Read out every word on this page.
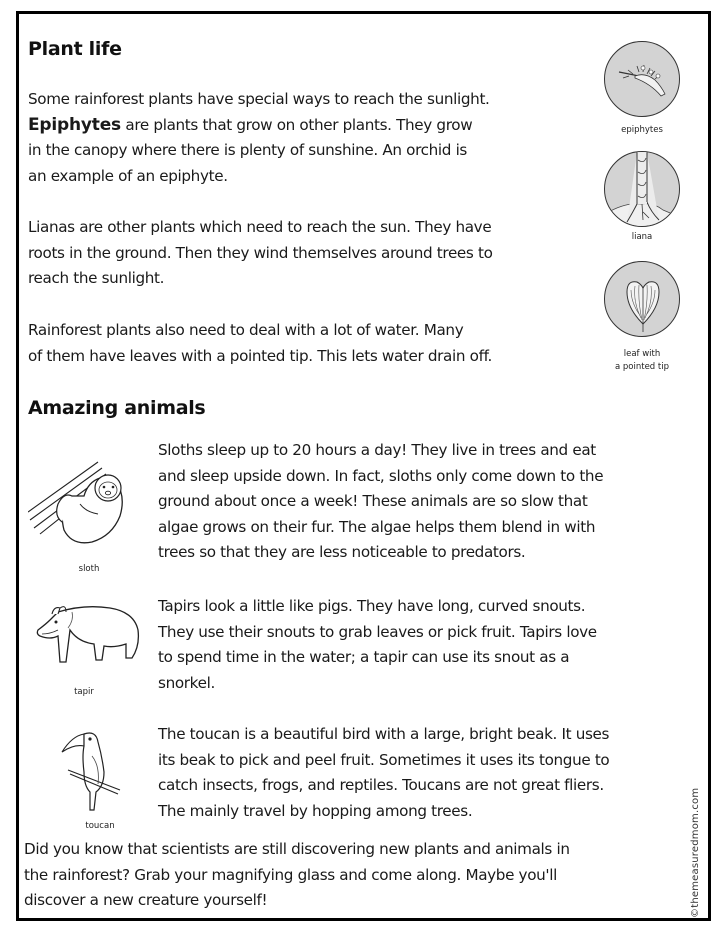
Plant life
Some rainforest plants have special ways to reach the sunlight.
Epiphytes are plants that grow on other plants. They grow
in the canopy where there is plenty of sunshine. An orchid is
an example of an epiphyte.
Lianas are other plants which need to reach the sun. They have
roots in the ground. Then they wind themselves around trees to
reach the sunlight.
Rainforest plants also need to deal with a lot of water. Many
of them have leaves with a pointed tip. This lets water drain off.
epiphytes
liana
leaf with
a pointed tip
Amazing animals
sloth
Sloths sleep up to 20 hours a day! They live in trees and eat
and sleep upside down. In fact, sloths only come down to the
ground about once a week! These animals are so slow that
algae grows on their fur. The algae helps them blend in with
trees so that they are less noticeable to predators.
tapir
Tapirs look a little like pigs. They have long, curved snouts.
They use their snouts to grab leaves or pick fruit. Tapirs love
to spend time in the water; a tapir can use its snout as a
snorkel.
toucan
The toucan is a beautiful bird with a large, bright beak. It uses
its beak to pick and peel fruit. Sometimes it uses its tongue to
catch insects, frogs, and reptiles. Toucans are not great fliers.
The mainly travel by hopping among trees.
Did you know that scientists are still discovering new plants and animals in
the rainforest? Grab your magnifying glass and come along. Maybe you'll
discover a new creature yourself!	©themeasuredmom.com
